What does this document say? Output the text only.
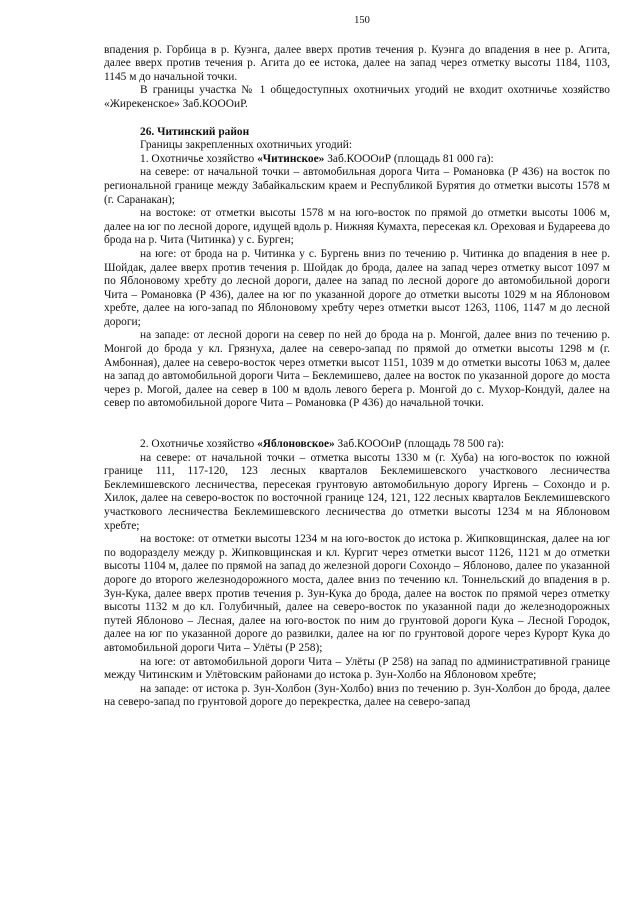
150

впадения р. Горбица в р. Куэнга, далее вверх против течения р. Куэнга до впадения в нее р. Агита, далее вверх против течения р. Агита до ее истока, далее на запад через отметку высоты 1184, 1103, 1145 м до начальной точки.

В границы участка № 1 общедоступных охотничьих угодий не входит охотничье хозяйство «Жирекенское» Заб.КОООиР.

26. Читинский район

Границы закрепленных охотничьих угодий:

1. Охотничье хозяйство «Читинское» Заб.КОООиР (площадь 81 000 га):

на севере: от начальной точки – автомобильная дорога Чита – Романовка (Р 436) на восток по региональной границе между Забайкальским краем и Республикой Бурятия до отметки высоты 1578 м (г. Саранакан);

на востоке: от отметки высоты 1578 м на юго-восток по прямой до отметки высоты 1006 м, далее на юг по лесной дороге, идущей вдоль р. Нижняя Кумахта, пересекая кл. Ореховая и Будареева до брода на р. Чита (Читинка) у с. Бурген;

на юге: от брода на р. Читинка у с. Бургень вниз по течению р. Читинка до впадения в нее р. Шойдак, далее вверх против течения р. Шойдак до брода, далее на запад через отметку высот 1097 м по Яблоновому хребту до лесной дороги, далее на запад по лесной дороге до автомобильной дороги Чита – Романовка (Р 436), далее на юг по указанной дороге до отметки высоты 1029 м на Яблоновом хребте, далее на юго-запад по Яблоновому хребту через отметки высот 1263, 1106, 1147 м до лесной дороги;

на западе: от лесной дороги на север по ней до брода на р. Монгой, далее вниз по течению р. Монгой до брода у кл. Грязнуха, далее на северо-запад по прямой до отметки высоты 1298 м (г. Амбонная), далее на северо-восток через отметки высот 1151, 1039 м до отметки высоты 1063 м, далее на запад до автомобильной дороги Чита – Беклемишево, далее на восток по указанной дороге до моста через р. Могой, далее на север в 100 м вдоль левого берега р. Монгой до с. Мухор-Кондуй, далее на север по автомобильной дороге Чита – Романовка (Р 436) до начальной точки.

2. Охотничье хозяйство «Яблоновское» Заб.КОООиР (площадь 78 500 га):

на севере: от начальной точки – отметка высоты 1330 м (г. Хуба) на юго-восток по южной границе 111, 117-120, 123 лесных кварталов Беклемишевского участкового лесничества Беклемишевского лесничества, пересекая грунтовую автомобильную дорогу Иргень – Сохондо и р. Хилок, далее на северо-восток по восточной границе 124, 121, 122 лесных кварталов Беклемишевского участкового лесничества Беклемишевского лесничества до отметки высоты 1234 м на Яблоновом хребте;

на востоке: от отметки высоты 1234 м на юго-восток до истока р. Жипковщинская, далее на юг по водоразделу между р. Жипковщинская и кл. Кургит через отметки высот 1126, 1121 м до отметки высоты 1104 м, далее по прямой на запад до железной дороги Сохондо – Яблоново, далее по указанной дороге до второго железнодорожного моста, далее вниз по течению кл. Тоннельский до впадения в р. Зун-Кука, далее вверх против течения р. Зун-Кука до брода, далее на восток по прямой через отметку высоты 1132 м до кл. Голубичный, далее на северо-восток по указанной пади до железнодорожных путей Яблоново – Лесная, далее на юго-восток по ним до грунтовой дороги Кука – Лесной Городок, далее на юг по указанной дороге до развилки, далее на юг по грунтовой дороге через Курорт Кука до автомобильной дороги Чита – Улёты (Р 258);

на юге: от автомобильной дороги Чита – Улёты (Р 258) на запад по административной границе между Читинским и Улётовским районами до истока р. Зун-Холбо на Яблоновом хребте;

на западе: от истока р. Зун-Холбон (Зун-Холбо) вниз по течению р. Зун-Холбон до брода, далее на северо-запад по грунтовой дороге до перекрестка, далее на северо-запад
